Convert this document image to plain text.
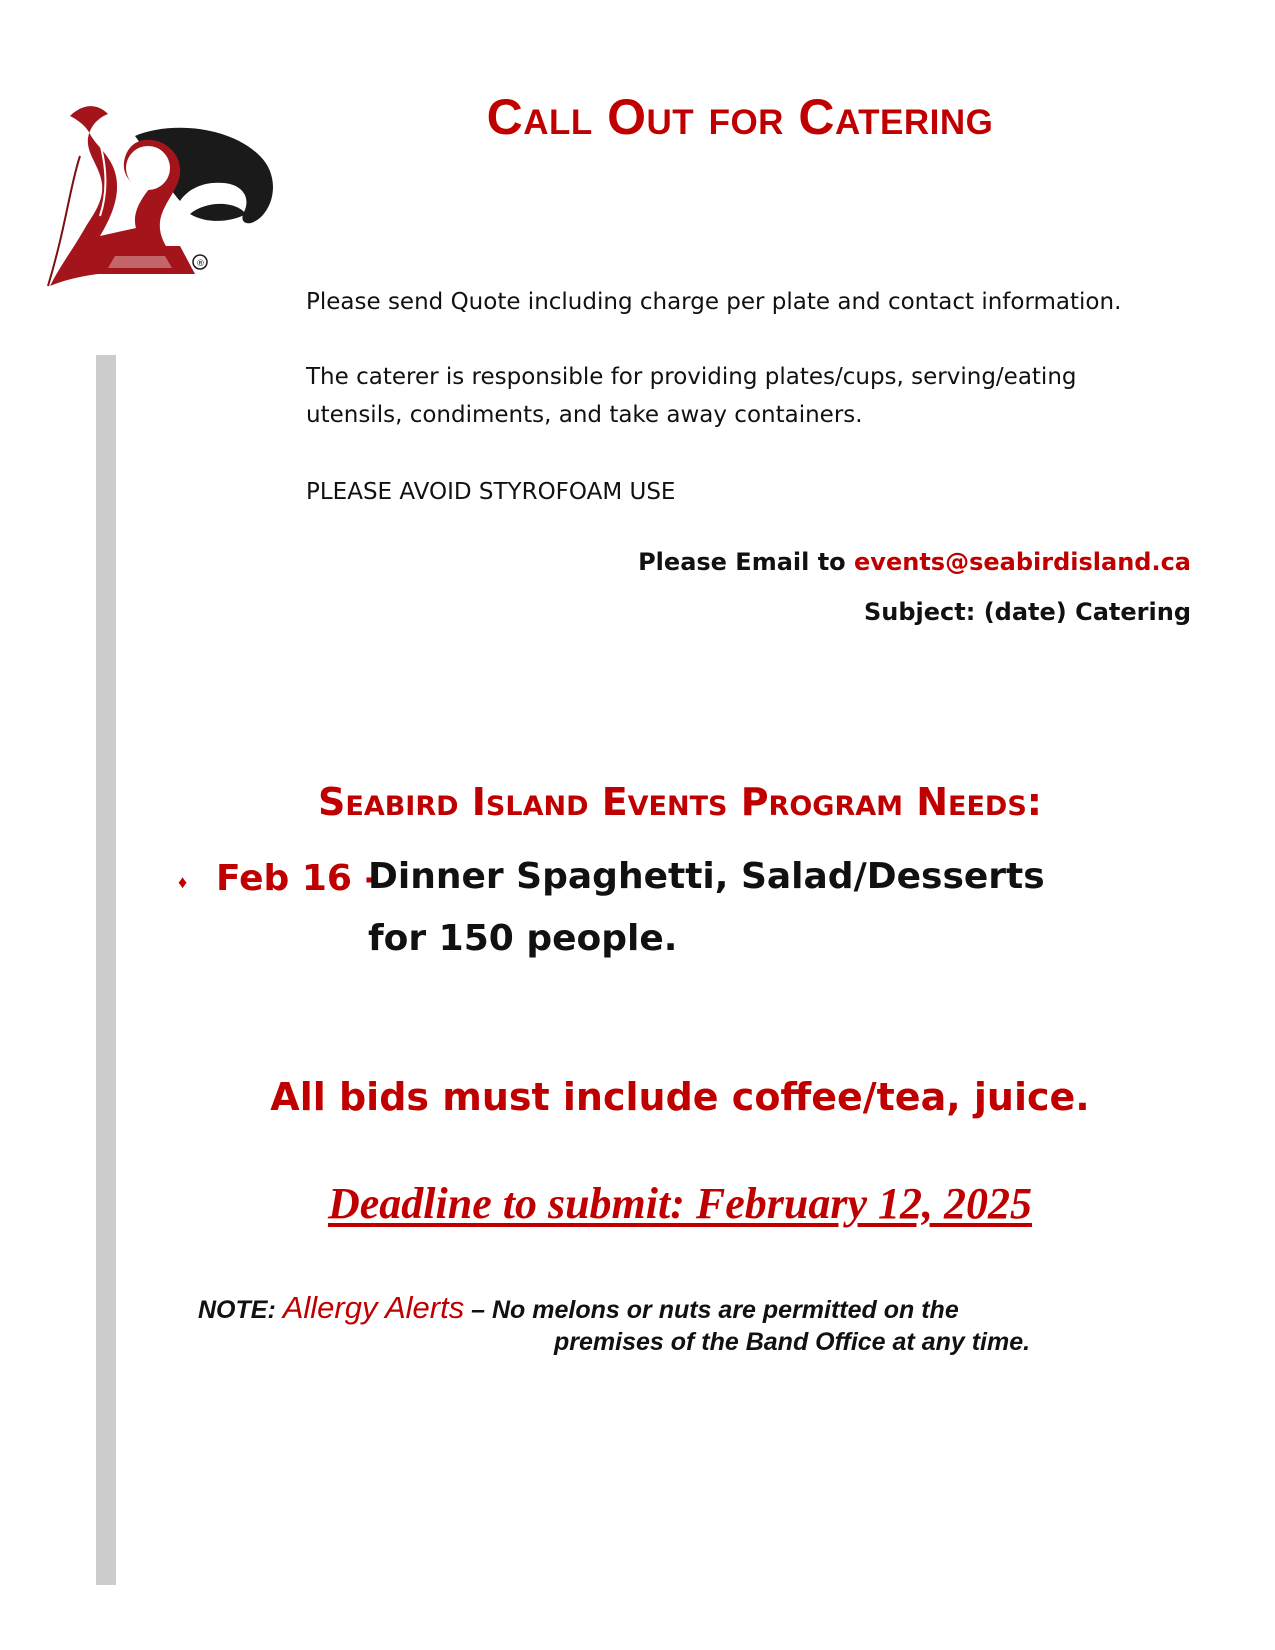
®
Call Out for Catering
Please send Quote including charge per plate and contact information.
The caterer is responsible for providing plates/cups, serving/eating utensils, condiments, and take away containers.
PLEASE AVOID STYROFOAM USE
Please Email to events@seabirdisland.ca
Subject: (date) Catering
Seabird Island Events Program Needs:
♦ Feb 16 -
Dinner Spaghetti, Salad/Desserts for 150 people.
All bids must include coffee/tea, juice.
Deadline to submit: February 12, 2025
NOTE: Allergy Alerts – No melons or nuts are permitted on the
premises of the Band Office at any time.
